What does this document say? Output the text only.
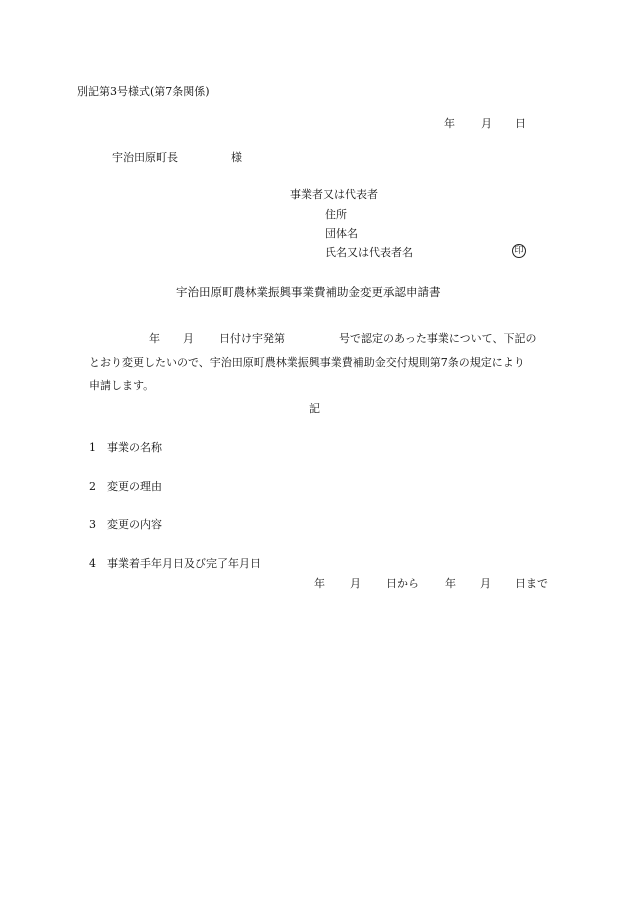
別記第3号様式(第7条関係)
年 月 日
宇治田原町長	様
事業者又は代表者
住所
団体名
氏名又は代表者名	印
宇治田原町農林業振興事業費補助金変更承認申請書
年 月 日付け宇発第	号で認定のあった事業について、下記の
とおり変更したいので、宇治田原町農林業振興事業費補助金交付規則第7条の規定により
申請します。
記
1 事業の名称
2 変更の理由
3 変更の内容
4 事業着手年月日及び完了年月日
年 月 日から 年 月 日まで
